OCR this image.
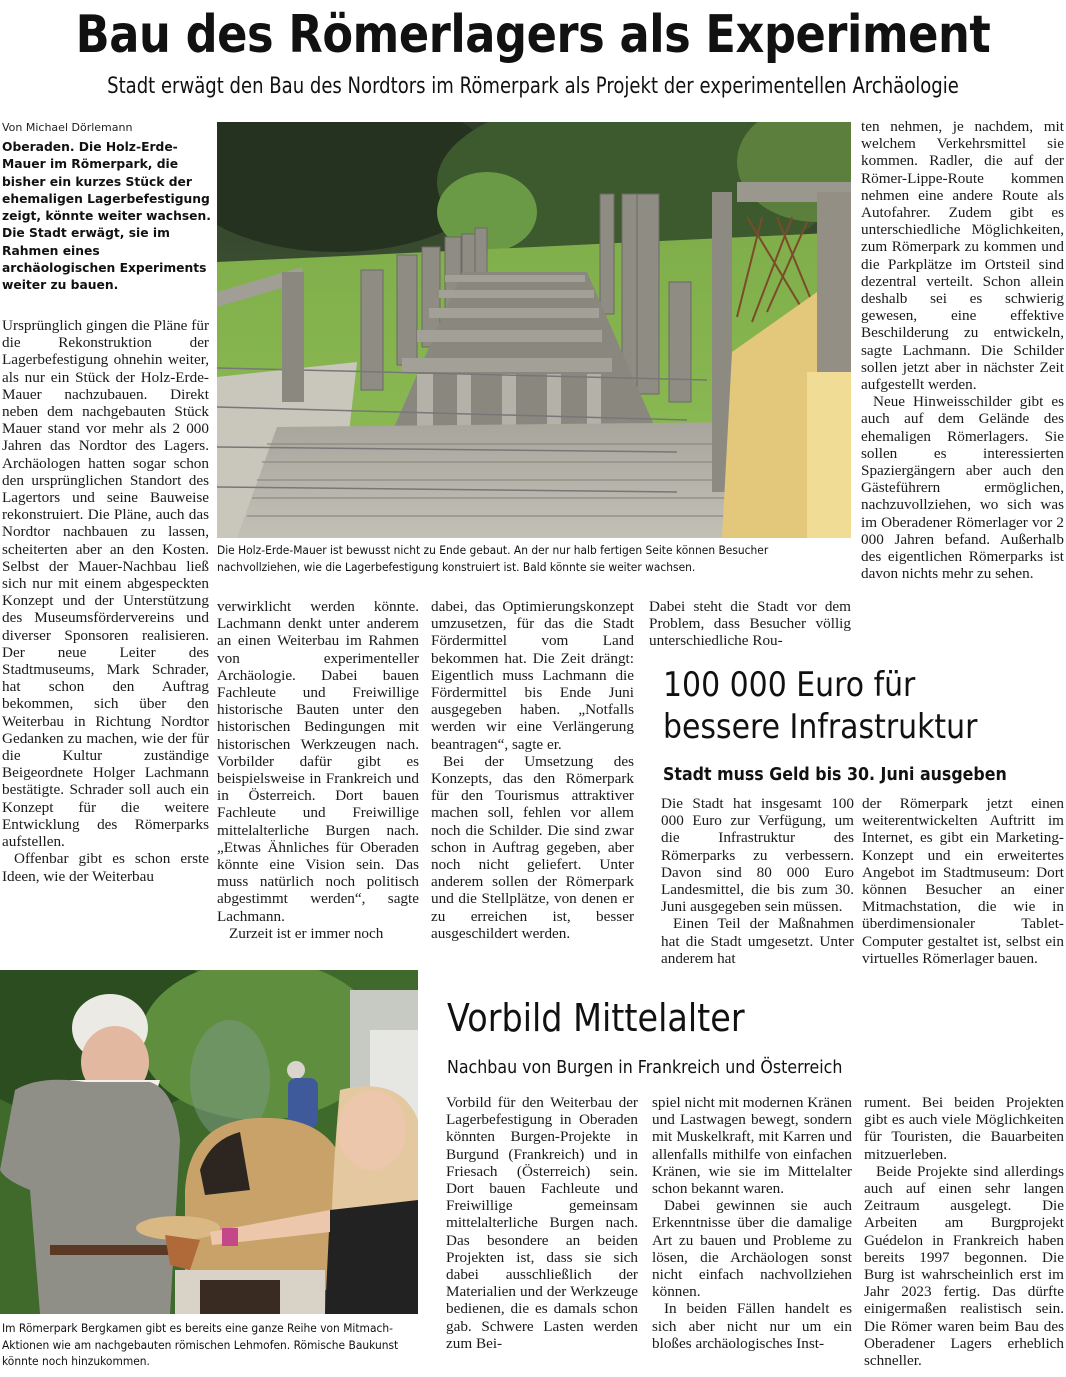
Bau des Römerlagers als Experiment
Stadt erwägt den Bau des Nordtors im Römerpark als Projekt der experimentellen Archäologie
Von Michael Dörlemann
Oberaden. Die Holz-Erde-Mauer im Römerpark, die bisher ein kurzes Stück der ehemaligen Lagerbefestigung zeigt, könnte weiter wachsen. Die Stadt erwägt, sie im Rahmen eines archäologischen Experiments weiter zu bauen.

Ursprünglich gingen die Pläne für die Rekonstruktion der Lagerbefestigung ohnehin weiter, als nur ein Stück der Holz-Erde-Mauer nachzubauen. Direkt neben dem nachgebauten Stück Mauer stand vor mehr als 2 000 Jahren das Nordtor des Lagers. Archäologen hatten sogar schon den ursprünglichen Standort des Lagertors und seine Bauweise rekonstruiert. Die Pläne, auch das Nordtor nachbauen zu lassen, scheiterten aber an den Kosten. Selbst der Mauer-Nachbau ließ sich nur mit einem abgespeckten Konzept und der Unterstützung des Museumsfördervereins und diverser Sponsoren realisieren. Der neue Leiter des Stadtmuseums, Mark Schrader, hat schon den Auftrag bekommen, sich über den Weiterbau in Richtung Nordtor Gedanken zu machen, wie der für die Kultur zuständige Beigeordnete Holger Lachmann bestätigte. Schrader soll auch ein Konzept für die weitere Entwicklung des Römerparks aufstellen.

Offenbar gibt es schon erste Ideen, wie der Weiterbau

Die Holz-Erde-Mauer ist bewusst nicht zu Ende gebaut. An der nur halb fertigen Seite können Besucher nachvollziehen, wie die Lagerbefestigung konstruiert ist. Bald könnte sie weiter wachsen.

verwirklicht werden könnte. Lachmann denkt unter anderem an einen Weiterbau im Rahmen von experimenteller Archäologie. Dabei bauen Fachleute und Freiwillige historische Bauten unter den historischen Bedingungen mit historischen Werkzeugen nach. Vorbilder dafür gibt es beispielsweise in Frankreich und in Österreich. Dort bauen Fachleute und Freiwillige mittelalterliche Burgen nach. „Etwas Ähnliches für Oberaden könnte eine Vision sein. Das muss natürlich noch politisch abgestimmt werden“, sagte Lachmann.

Zurzeit ist er immer noch

dabei, das Optimierungskonzept umzusetzen, für das die Stadt Fördermittel vom Land bekommen hat. Die Zeit drängt: Eigentlich muss Lachmann die Fördermittel bis Ende Juni ausgegeben haben. „Notfalls werden wir eine Verlängerung beantragen“, sagte er.

Bei der Umsetzung des Konzepts, das den Römerpark für den Tourismus attraktiver machen soll, fehlen vor allem noch die Schilder. Die sind zwar schon in Auftrag gegeben, aber noch nicht geliefert. Unter anderem sollen der Römerpark und die Stellplätze, von denen er zu erreichen ist, besser ausgeschildert werden.

Dabei steht die Stadt vor dem Problem, dass Besucher völlig unterschiedliche Rou-

ten nehmen, je nachdem, mit welchem Verkehrsmittel sie kommen. Radler, die auf der Römer-Lippe-Route kommen nehmen eine andere Route als Autofahrer. Zudem gibt es unterschiedliche Möglichkeiten, zum Römerpark zu kommen und die Parkplätze im Ortsteil sind dezentral verteilt. Schon allein deshalb sei es schwierig gewesen, eine effektive Beschilderung zu entwickeln, sagte Lachmann. Die Schilder sollen jetzt aber in nächster Zeit aufgestellt werden.

Neue Hinweisschilder gibt es auch auf dem Gelände des ehemaligen Römerlagers. Sie sollen es interessierten Spaziergängern aber auch den Gästeführern ermöglichen, nachzuvollziehen, wo sich was im Oberadener Römerlager vor 2 000 Jahren befand. Außerhalb des eigentlichen Römerparks ist davon nichts mehr zu sehen.

100 000 Euro für bessere Infrastruktur
Stadt muss Geld bis 30. Juni ausgeben

Die Stadt hat insgesamt 100 000 Euro zur Verfügung, um die Infrastruktur des Römerparks zu verbessern. Davon sind 80 000 Euro Landesmittel, die bis zum 30. Juni ausgegeben sein müssen.

Einen Teil der Maßnahmen hat die Stadt umgesetzt. Unter anderem hat

der Römerpark jetzt einen weiterentwickelten Auftritt im Internet, es gibt ein Marketing-Konzept und ein erweitertes Angebot im Stadtmuseum: Dort können Besucher an einer Mitmachstation, die wie in überdimensionaler Tablet-Computer gestaltet ist, selbst ein virtuelles Römerlager bauen.

Im Römerpark Bergkamen gibt es bereits eine ganze Reihe von Mitmach-Aktionen wie am nachgebauten römischen Lehmofen. Römische Baukunst könnte noch hinzukommen.
Vorbild Mittelalter
Nachbau von Burgen in Frankreich und Österreich

Vorbild für den Weiterbau der Lagerbefestigung in Oberaden könnten Burgen-Projekte in Burgund (Frankreich) und in Friesach (Österreich) sein. Dort bauen Fachleute und Freiwillige gemeinsam mittelalterliche Burgen nach. Das besondere an beiden Projekten ist, dass sie sich dabei ausschließlich der Materialien und der Werkzeuge bedienen, die es damals schon gab. Schwere Lasten werden zum Bei-

spiel nicht mit modernen Kränen und Lastwagen bewegt, sondern mit Muskelkraft, mit Karren und allenfalls mithilfe von einfachen Kränen, wie sie im Mittelalter schon bekannt waren.

Dabei gewinnen sie auch Erkenntnisse über die damalige Art zu bauen und Probleme zu lösen, die Archäologen sonst nicht einfach nachvollziehen können.

In beiden Fällen handelt es sich aber nicht nur um ein bloßes archäologisches Inst-

rument. Bei beiden Projekten gibt es auch viele Möglichkeiten für Touristen, die Bauarbeiten mitzuerleben.

Beide Projekte sind allerdings auch auf einen sehr langen Zeitraum ausgelegt. Die Arbeiten am Burgprojekt Guédelon in Frankreich haben bereits 1997 begonnen. Die Burg ist wahrscheinlich erst im Jahr 2023 fertig. Das dürfte einigermaßen realistisch sein. Die Römer waren beim Bau des Oberadener Lagers erheblich schneller.
